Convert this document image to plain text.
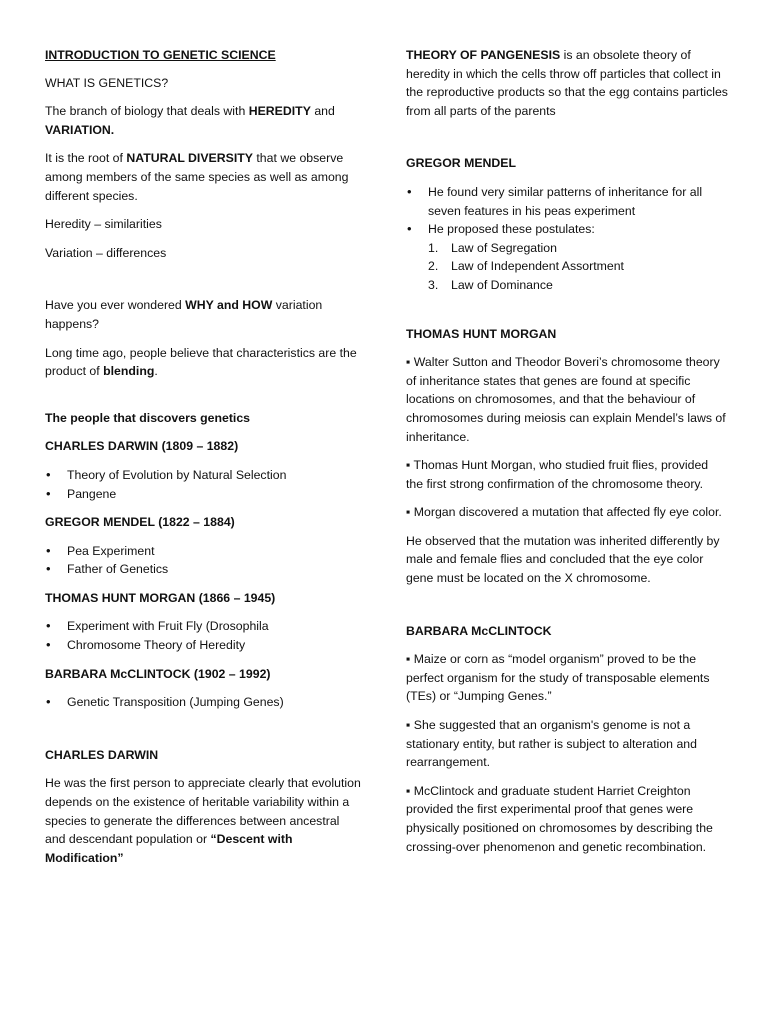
INTRODUCTION TO GENETIC SCIENCE

WHAT IS GENETICS?

The branch of biology that deals with HEREDITY and VARIATION.

It is the root of NATURAL DIVERSITY that we observe among members of the same species as well as among different species.

Heredity – similarities

Variation – differences

Have you ever wondered WHY and HOW variation happens?

Long time ago, people believe that characteristics are the product of blending.

The people that discovers genetics

CHARLES DARWIN (1809 – 1882)

• Theory of Evolution by Natural Selection
• Pangene

GREGOR MENDEL (1822 – 1884)

• Pea Experiment
• Father of Genetics

THOMAS HUNT MORGAN (1866 – 1945)

• Experiment with Fruit Fly (Drosophila
• Chromosome Theory of Heredity

BARBARA McCLINTOCK (1902 – 1992)

• Genetic Transposition (Jumping Genes)

CHARLES DARWIN

He was the first person to appreciate clearly that evolution depends on the existence of heritable variability within a species to generate the differences between ancestral and descendant population or “Descent with Modification”

THEORY OF PANGENESIS is an obsolete theory of heredity in which the cells throw off particles that collect in the reproductive products so that the egg contains particles from all parts of the parents

GREGOR MENDEL

• He found very similar patterns of inheritance for all seven features in his peas experiment
• He proposed these postulates:
1. Law of Segregation
2. Law of Independent Assortment
3. Law of Dominance

THOMAS HUNT MORGAN

▪ Walter Sutton and Theodor Boveri’s chromosome theory of inheritance states that genes are found at specific locations on chromosomes, and that the behaviour of chromosomes during meiosis can explain Mendel’s laws of inheritance.

▪ Thomas Hunt Morgan, who studied fruit flies, provided the first strong confirmation of the chromosome theory.

▪ Morgan discovered a mutation that affected fly eye color.

He observed that the mutation was inherited differently by male and female flies and concluded that the eye color gene must be located on the X chromosome.

BARBARA McCLINTOCK

▪ Maize or corn as “model organism” proved to be the perfect organism for the study of transposable elements (TEs) or “Jumping Genes.”

▪ She suggested that an organism's genome is not a stationary entity, but rather is subject to alteration and rearrangement.

▪ McClintock and graduate student Harriet Creighton provided the first experimental proof that genes were physically positioned on chromosomes by describing the crossing-over phenomenon and genetic recombination.
